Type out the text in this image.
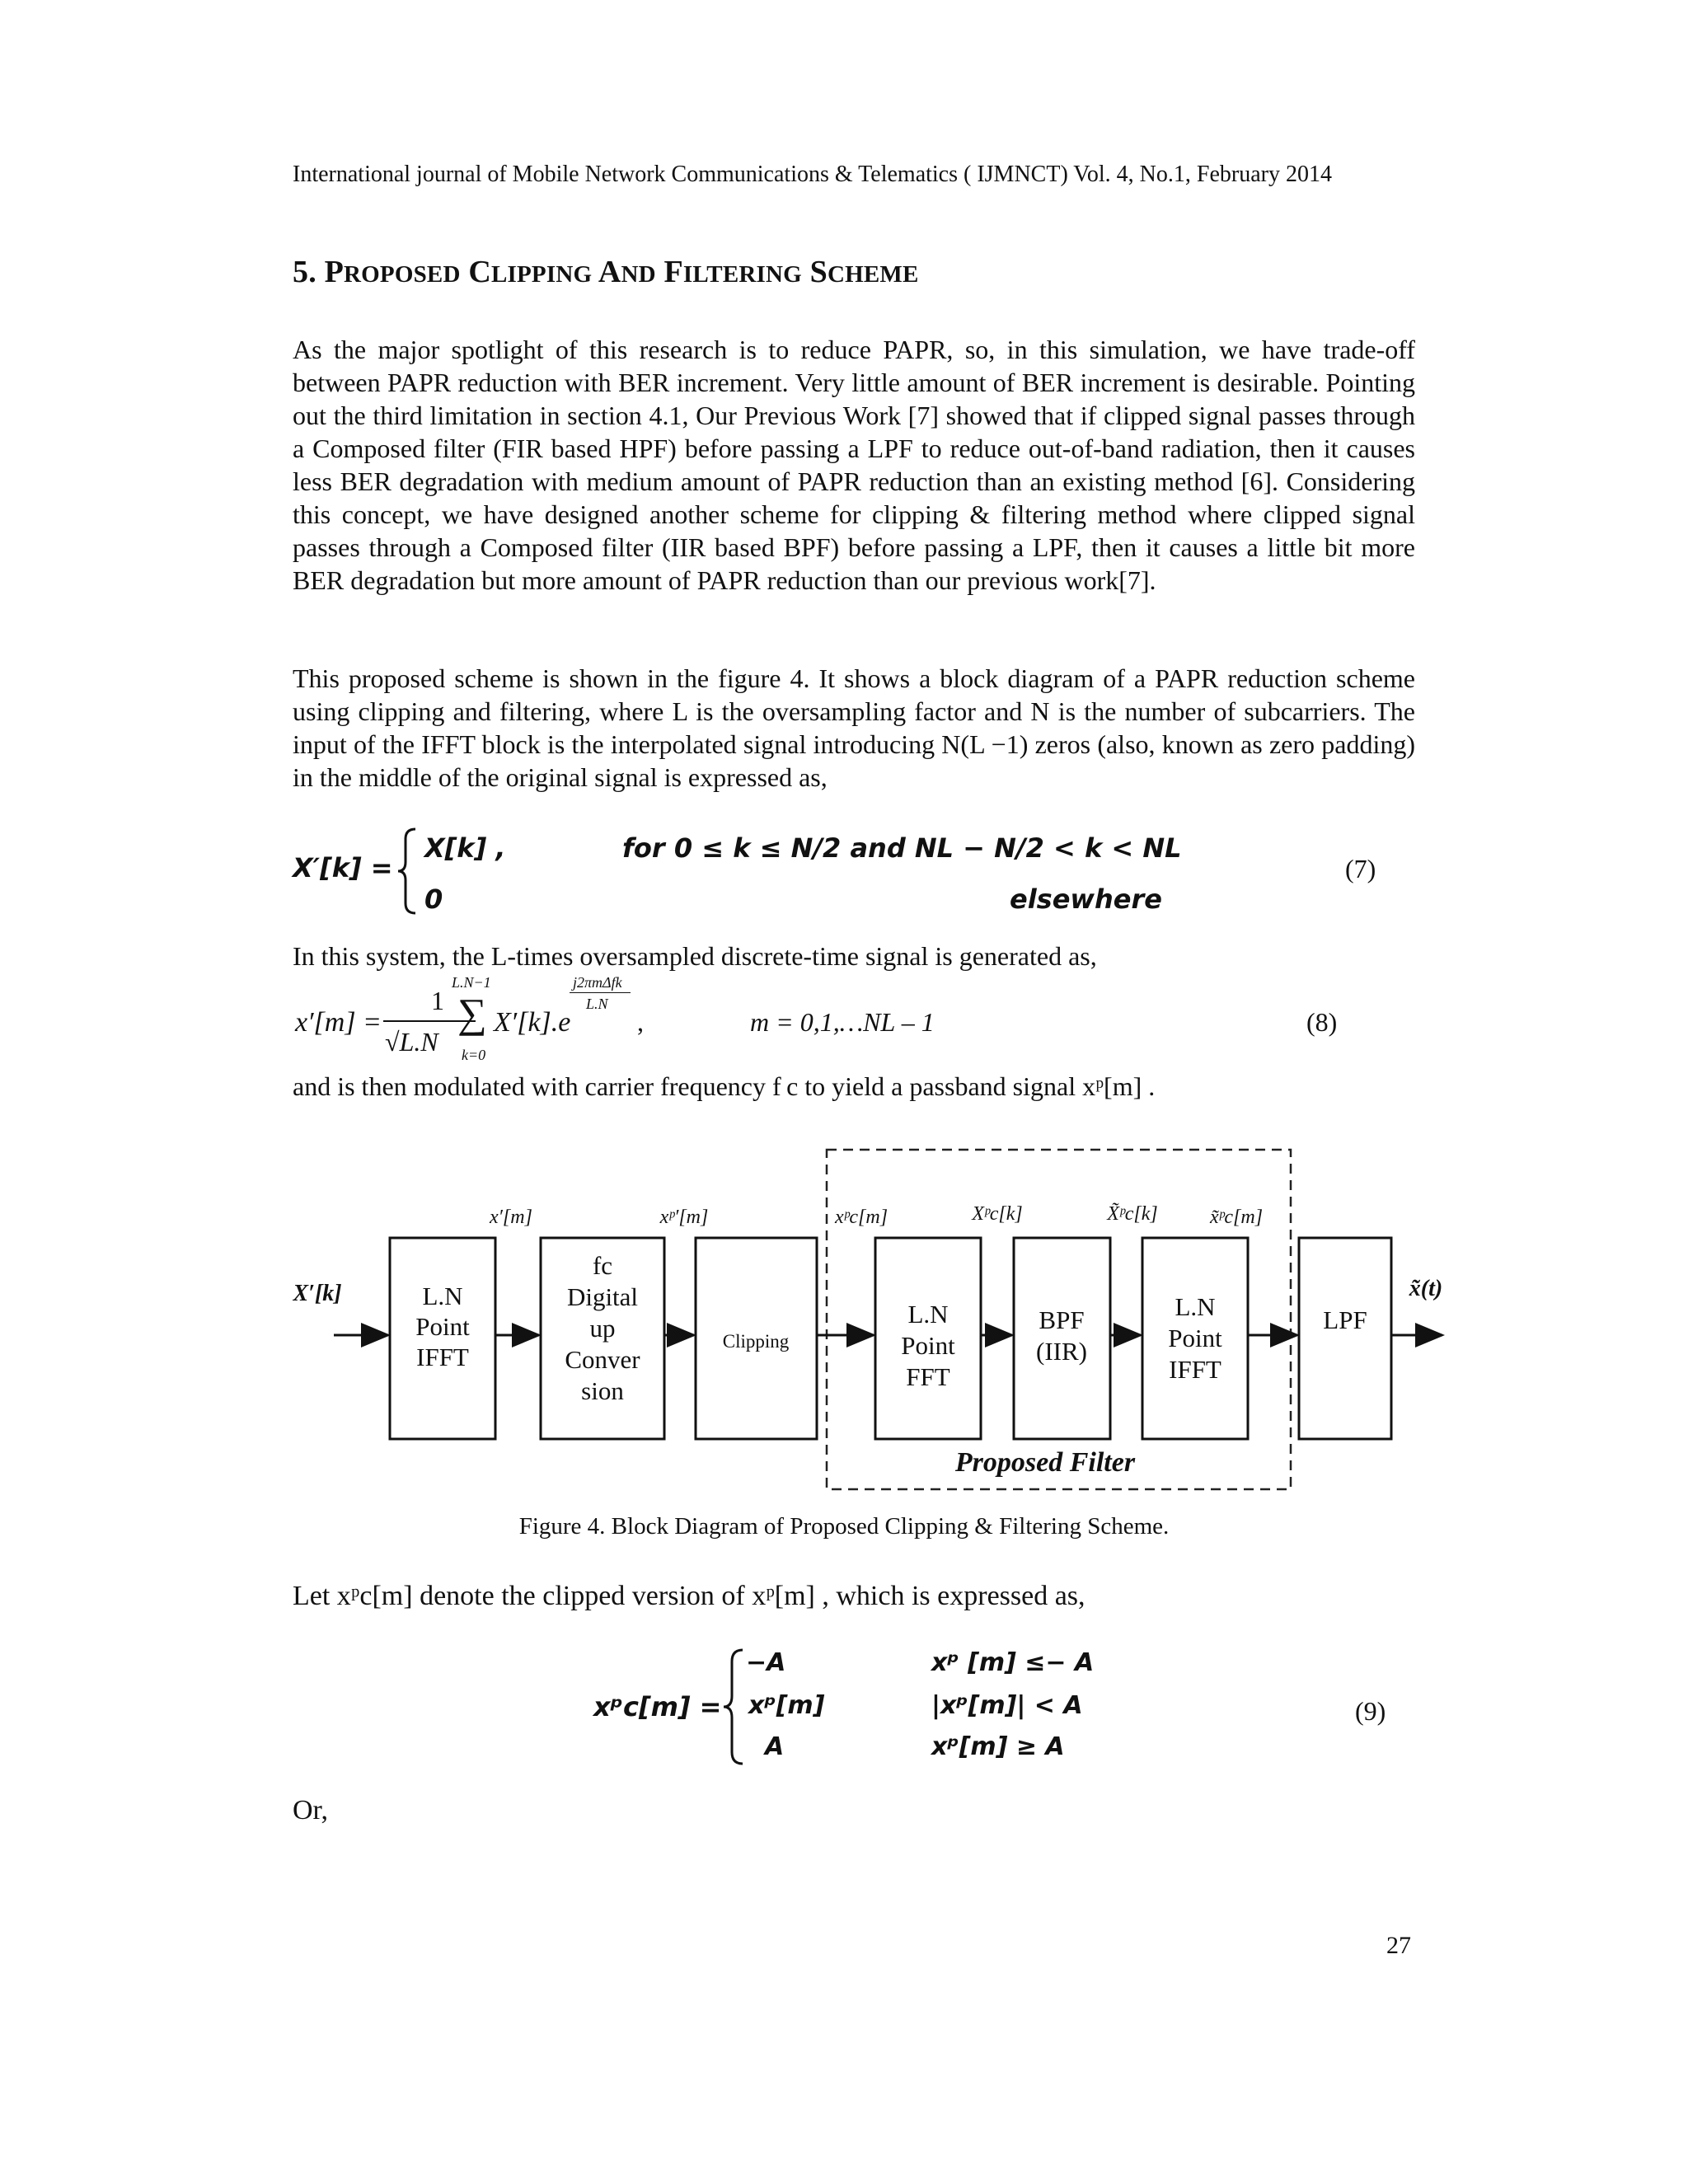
International journal of Mobile Network Communications & Telematics ( IJMNCT) Vol. 4, No.1, February 2014
5. PROPOSED CLIPPING AND FILTERING SCHEME

As the major spotlight of this research is to reduce PAPR, so, in this simulation, we have trade-off between PAPR reduction with BER increment. Very little amount of BER increment is desirable. Pointing out the third limitation in section 4.1, Our Previous Work [7] showed that if clipped signal passes through a Composed filter (FIR based HPF) before passing a LPF to reduce out-of-band radiation, then it causes less BER degradation with medium amount of PAPR reduction than an existing method [6]. Considering this concept, we have designed another scheme for clipping & filtering method where clipped signal passes through a Composed filter (IIR based BPF) before passing a LPF, then it causes a little bit more BER degradation but more amount of PAPR reduction than our previous work[7].

This proposed scheme is shown in the figure 4. It shows a block diagram of a PAPR reduction scheme using clipping and filtering, where L is the oversampling factor and N is the number of subcarriers. The input of the IFFT block is the interpolated signal introducing N(L −1) zeros (also, known as zero padding) in the middle of the original signal is expressed as,

X′[k] =
X[k] ,
0
for 0 ≤ k ≤ N/2 and NL − N/2 < k < NL
elsewhere
(7)
In this system, the L-times oversampled discrete-time signal is generated as,
x′[m] =
1
√L.N
L.N−1
∑
k=0
X′[k].e
j2πmΔfk
L.N
,	m = 0,1,…NL – 1	(8)
and is then modulated with carrier frequency f c to yield a passband signal xᵖ[m] .
L.N
Point
IFFT
fc
Digital
up
Conver
sion
Clipping
L.N
Point
FFT
BPF
(IIR)
L.N
Point
IFFT
LPF
X′[k]	x̃(t)
x′[m]	xᵖ′[m]	xᵖc[m]	Xᵖc[k]	X̃ᵖc[k]	x̃ᵖc[m]
Proposed Filter
Figure 4. Block Diagram of Proposed Clipping & Filtering Scheme.
Let xᵖc[m] denote the clipped version of xᵖ[m] , which is expressed as,
xᵖc[m] =
−A
xᵖ[m]
A
xᵖ [m] ≤− A
|xᵖ[m]| < A
xᵖ[m] ≥ A
(9)
Or,
27
